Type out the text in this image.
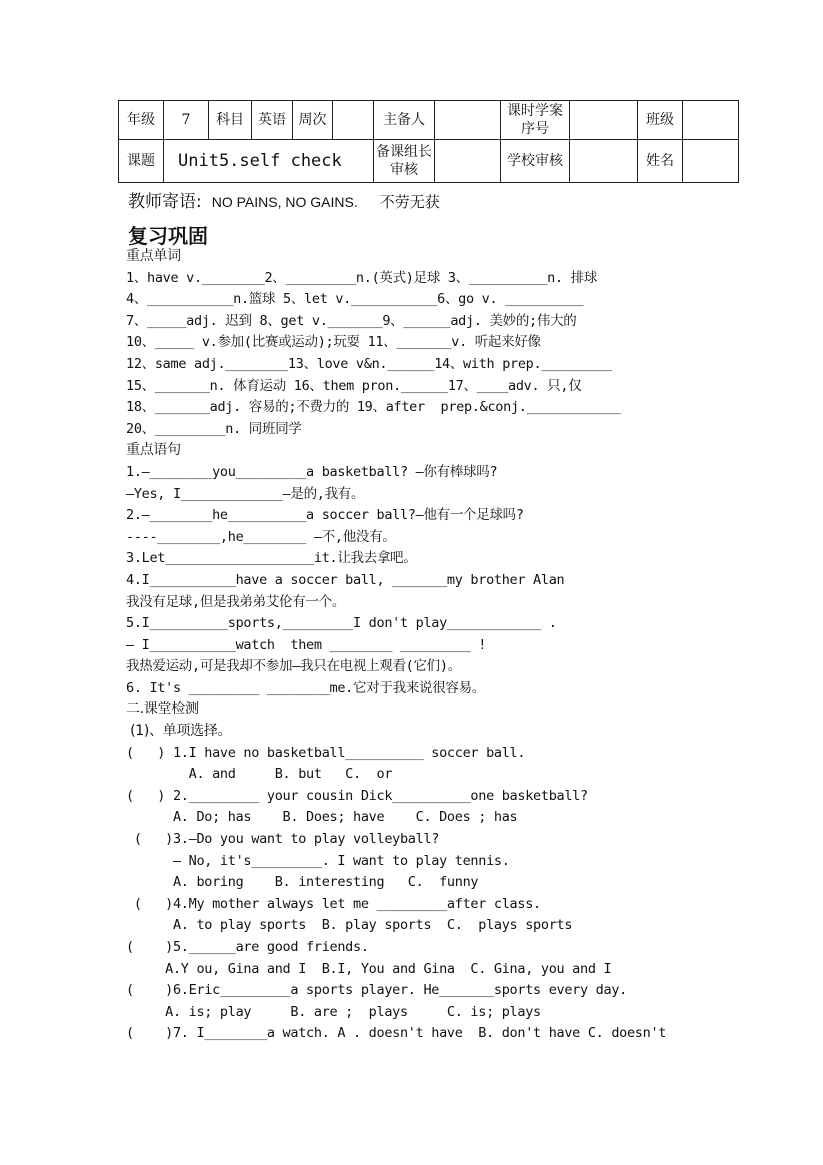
年级	7	科目	英语	周次		主备人		课时学案序号		班级	
课题	Unit5.self check					备课组长审核		学校审核		姓名	
教师寄语: NO PAINS, NO GAINS. 不劳无获
复习巩固
重点单词
1、have v.________2、_________n.(英式)足球 3、__________n. 排球
4、___________n.篮球 5、let v.___________6、go v. __________
7、_____adj. 迟到 8、get v._______9、______adj. 美妙的;伟大的
10、_____ v.参加(比赛或运动);玩耍 11、_______v. 听起来好像
12、same adj.________13、love v&n.______14、with prep._________
15、_______n. 体育运动 16、them pron.______17、____adv. 只,仅
18、_______adj. 容易的;不费力的 19、after  prep.&conj.____________
20、_________n. 同班同学
重点语句
1.—________you_________a basketball? —你有棒球吗?
—Yes, I_____________—是的,我有。
2.—________he__________a soccer ball?—他有一个足球吗?
----________,he________ —不,他没有。
3.Let___________________it.让我去拿吧。
4.I___________have a soccer ball, _______my brother Alan
我没有足球,但是我弟弟艾伦有一个。
5.I__________sports,_________I don't play____________ .
— I___________watch  them ________ _________ !
我热爱运动,可是我却不参加—我只在电视上观看(它们)。
6. It's _________ ________me.它对于我来说很容易。
二.课堂检测
(1)、单项选择。
(   ) 1.I have no basketball__________ soccer ball.
A. and     B. but   C.  or
(   ) 2._________ your cousin Dick__________one basketball?
A. Do; has    B. Does; have    C. Does ; has
(   )3.—Do you want to play volleyball?
— No, it's_________. I want to play tennis.
A. boring    B. interesting   C.  funny
(   )4.My mother always let me _________after class.
A. to play sports  B. play sports  C.  plays sports
(    )5.______are good friends.
A.Y ou, Gina and I  B.I, You and Gina  C. Gina, you and I
(    )6.Eric_________a sports player. He_______sports every day.
A. is; play     B. are ;  plays     C. is; plays
(    )7. I________a watch. A . doesn't have  B. don't have C. doesn't
